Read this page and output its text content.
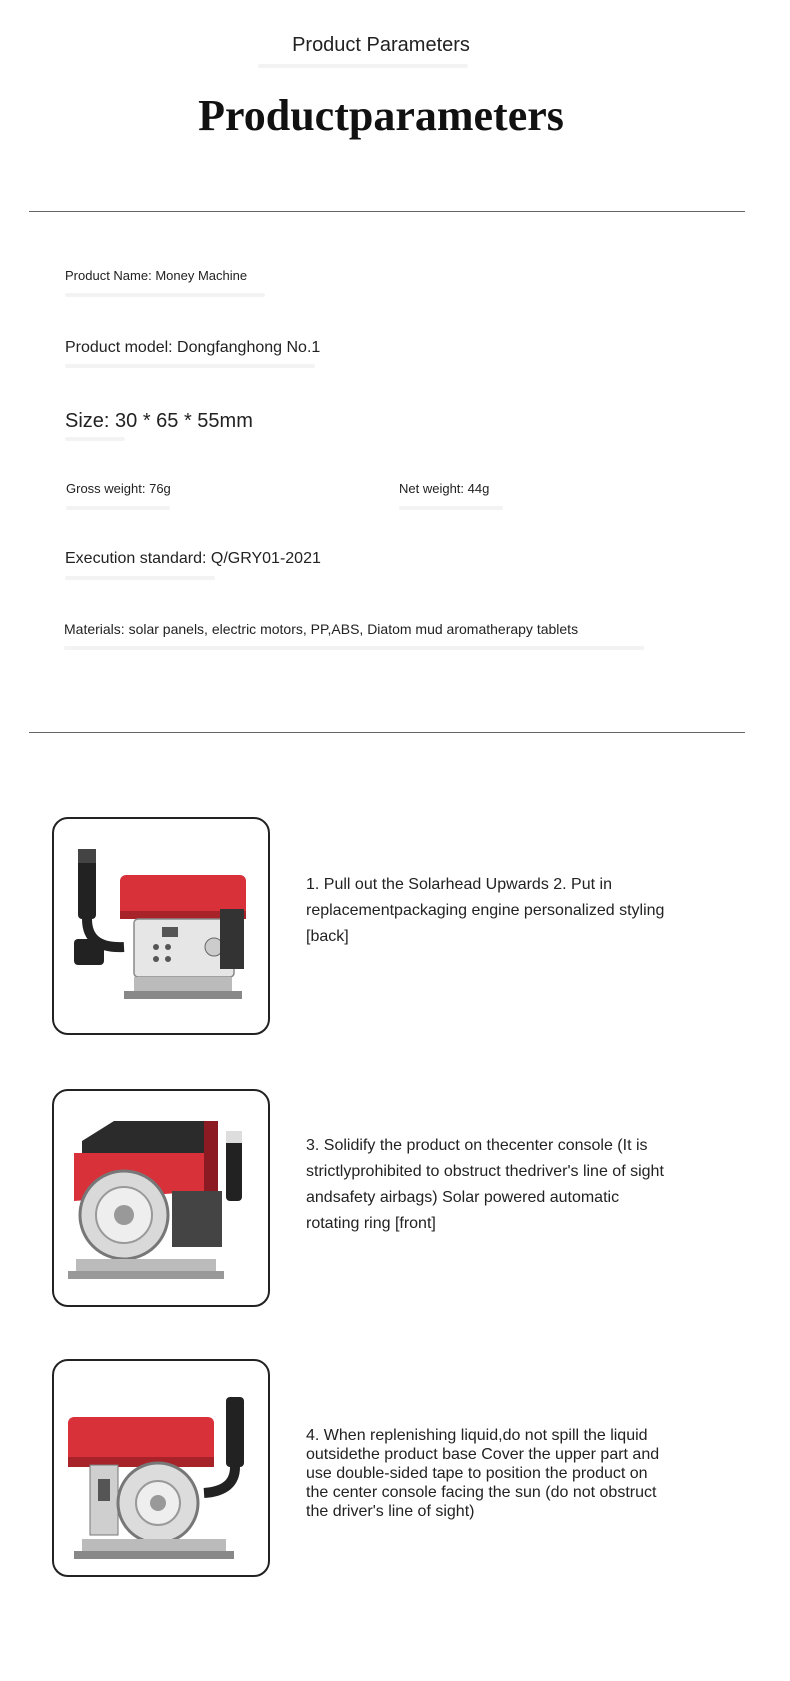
Product Parameters
Productparameters
Product Name: Money Machine
Product model: Dongfanghong No.1
Size: 30 * 65 * 55mm
Gross weight: 76g	Net weight: 44g
Execution standard: Q/GRY01-2021
Materials: solar panels, electric motors, PP,ABS, Diatom mud aromatherapy tablets
1. Pull out the Solarhead Upwards 2. Put in replacementpackaging engine personalized styling [back]
3. Solidify the product on thecenter console (It is strictlyprohibited to obstruct thedriver's line of sight andsafety airbags) Solar powered automatic rotating ring [front]
4. When replenishing liquid,do not spill the liquid outsidethe product base Cover the upper part and use double-sided tape to position the product on the center console facing the sun (do not obstruct the driver's line of sight)
